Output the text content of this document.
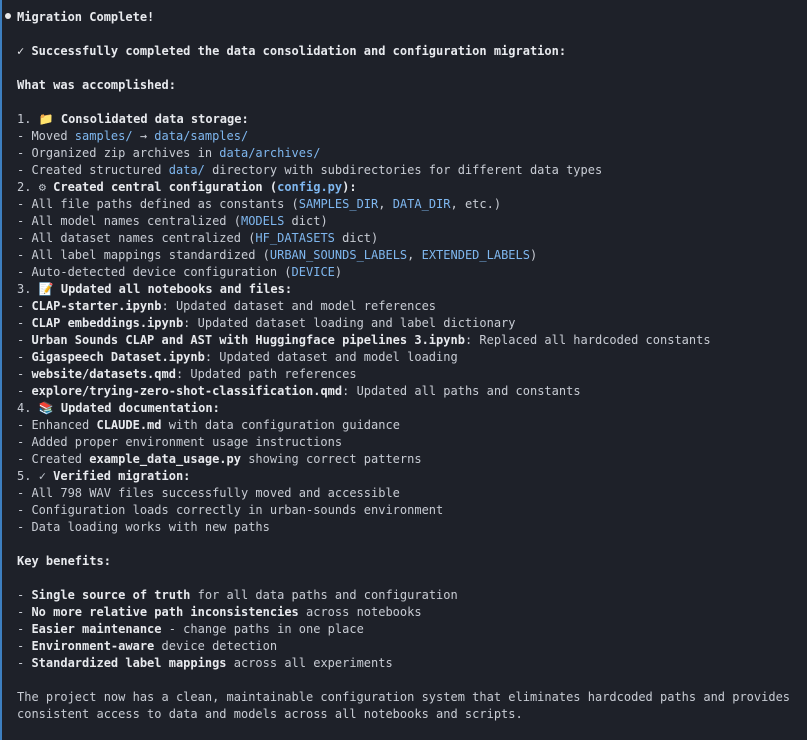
Migration Complete!
✓ Successfully completed the data consolidation and configuration migration:
What was accomplished:
1. 📁 Consolidated data storage:
- Moved samples/ → data/samples/
- Organized zip archives in data/archives/
- Created structured data/ directory with subdirectories for different data types
2. ⚙ Created central configuration (config.py):
- All file paths defined as constants (SAMPLES_DIR, DATA_DIR, etc.)
- All model names centralized (MODELS dict)
- All dataset names centralized (HF_DATASETS dict)
- All label mappings standardized (URBAN_SOUNDS_LABELS, EXTENDED_LABELS)
- Auto-detected device configuration (DEVICE)
3. 📝 Updated all notebooks and files:
- CLAP-starter.ipynb: Updated dataset and model references
- CLAP embeddings.ipynb: Updated dataset loading and label dictionary
- Urban Sounds CLAP and AST with Huggingface pipelines 3.ipynb: Replaced all hardcoded constants
- Gigaspeech Dataset.ipynb: Updated dataset and model loading
- website/datasets.qmd: Updated path references
- explore/trying-zero-shot-classification.qmd: Updated all paths and constants
4. 📚 Updated documentation:
- Enhanced CLAUDE.md with data configuration guidance
- Added proper environment usage instructions
- Created example_data_usage.py showing correct patterns
5. ✓ Verified migration:
- All 798 WAV files successfully moved and accessible
- Configuration loads correctly in urban-sounds environment
- Data loading works with new paths
Key benefits:
- Single source of truth for all data paths and configuration
- No more relative path inconsistencies across notebooks
- Easier maintenance - change paths in one place
- Environment-aware device detection
- Standardized label mappings across all experiments
The project now has a clean, maintainable configuration system that eliminates hardcoded paths and provides consistent access to data and models across all notebooks and scripts.
